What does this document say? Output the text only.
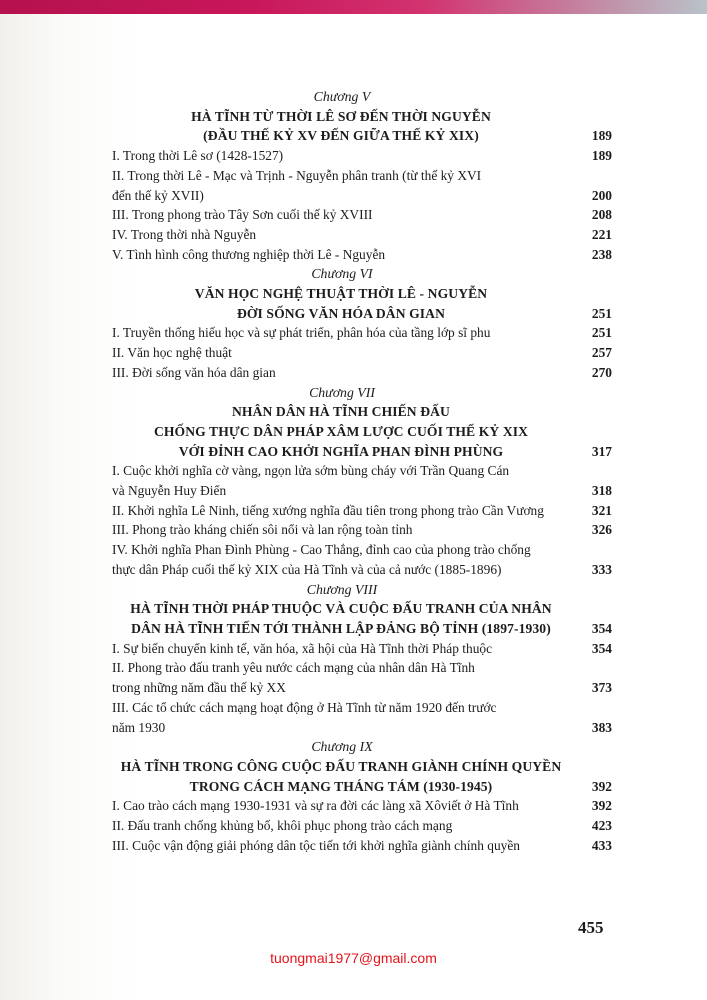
Chương V
HÀ TĨNH TỪ THỜI LÊ SƠ ĐẾN THỜI NGUYỄN
(ĐẦU THẾ KỶ XV ĐẾN GIỮA THẾ KỶ XIX)	189
I. Trong thời Lê sơ (1428-1527)	189
II. Trong thời Lê - Mạc và Trịnh - Nguyễn phân tranh (từ thế kỷ XVI
đến thế kỷ XVII)	200
III. Trong phong trào Tây Sơn cuối thế kỷ XVIII	208
IV. Trong thời nhà Nguyễn	221
V. Tình hình công thương nghiệp thời Lê - Nguyễn	238
Chương VI
VĂN HỌC NGHỆ THUẬT THỜI LÊ - NGUYỄN
ĐỜI SỐNG VĂN HÓA DÂN GIAN	251
I. Truyền thống hiếu học và sự phát triển, phân hóa của tầng lớp sĩ phu	251
II. Văn học nghệ thuật	257
III. Đời sống văn hóa dân gian	270
Chương VII
NHÂN DÂN HÀ TĨNH CHIẾN ĐẤU
CHỐNG THỰC DÂN PHÁP XÂM LƯỢC CUỐI THẾ KỶ XIX
VỚI ĐỈNH CAO KHỞI NGHĨA PHAN ĐÌNH PHÙNG	317
I. Cuộc khởi nghĩa cờ vàng, ngọn lửa sớm bùng cháy với Trần Quang Cán
và Nguyễn Huy Điển	318
II. Khởi nghĩa Lê Ninh, tiếng xướng nghĩa đầu tiên trong phong trào Cần Vương	321
III. Phong trào kháng chiến sôi nổi và lan rộng toàn tỉnh	326
IV. Khởi nghĩa Phan Đình Phùng - Cao Thắng, đỉnh cao của phong trào chống
thực dân Pháp cuối thế kỷ XIX của Hà Tĩnh và của cả nước (1885-1896)	333
Chương VIII
HÀ TĨNH THỜI PHÁP THUỘC VÀ CUỘC ĐẤU TRANH CỦA NHÂN
DÂN HÀ TĨNH TIẾN TỚI THÀNH LẬP ĐẢNG BỘ TỈNH (1897-1930)	354
I. Sự biến chuyển kinh tế, văn hóa, xã hội của Hà Tĩnh thời Pháp thuộc	354
II. Phong trào đấu tranh yêu nước cách mạng của nhân dân Hà Tĩnh
trong những năm đầu thế kỷ XX	373
III. Các tổ chức cách mạng hoạt động ở Hà Tĩnh từ năm 1920 đến trước
năm 1930	383
Chương IX
HÀ TĨNH TRONG CÔNG CUỘC ĐẤU TRANH GIÀNH CHÍNH QUYỀN
TRONG CÁCH MẠNG THÁNG TÁM (1930-1945)	392
I. Cao trào cách mạng 1930-1931 và sự ra đời các làng xã Xôviết ở Hà Tĩnh	392
II. Đấu tranh chống khủng bố, khôi phục phong trào cách mạng	423
III. Cuộc vận động giải phóng dân tộc tiến tới khởi nghĩa giành chính quyền	433
455
tuongmai1977@gmail.com
